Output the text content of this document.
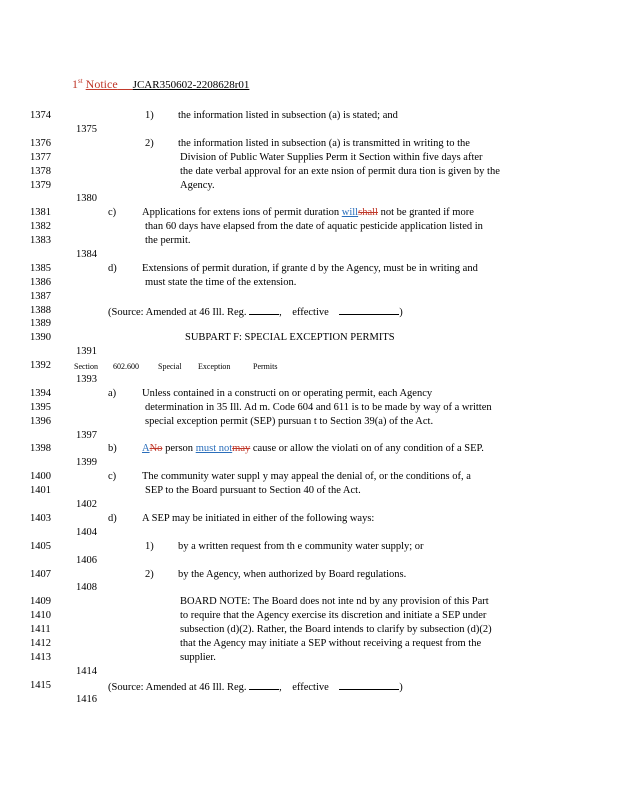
1st Notice JCAR350602-2208628r01
1374
1375
1376
1377
1378
1379
1380
1381
1382
1383
1384
1385
1386
1387
1388
1389
1390
1391
1392
1393
1394
1395
1396
1397
1398
1399
1400
1401
1402
1403
1404
1405
1406
1407
1408
1409
1410
1411
1412
1413
1414
1415
1416
1) the information listed in subsection (a) is stated; and
2) the information listed in subsection (a) is transmitted in writing to the
Division of Public Water Supplies Perm it Section within five days after
the date verbal approval for an exte nsion of permit dura tion is given by the
Agency.
c) Applications for extens ions of permit duration willshall not be granted if more
than 60 days have elapsed from the date of aquatic pesticide application listed in
the permit.
d) Extensions of permit duration, if grante d by the Agency, must be in writing and
must state the time of the extension.
(Source: Amended at 46 Ill. Reg.	,    effective	)
SUBPART F: SPECIAL EXCEPTION PERMITS
Section 602.600 Special Exception	Permits
a) Unless contained in a constructi on or operating permit, each Agency
determination in 35 Ill. Ad m. Code 604 and 611 is to be made by way of a written
special exception permit (SEP) pursuan t to Section 39(a) of the Act.
b) ANo person must notmay cause or allow the violati on of any condition of a SEP.
c) The community water suppl y may appeal the denial of, or the conditions of, a
SEP to the Board pursuant to Section 40 of the Act.
d) A SEP may be initiated in either of the following ways:
1) by a written request from th e community water supply; or
2) by the Agency, when authorized by Board regulations.
BOARD NOTE: The Board does not inte nd by any provision of this Part
to require that the Agency exercise its discretion and initiate a SEP under
subsection (d)(2). Rather, the Board intends to clarify by subsection (d)(2)
that the Agency may initiate a SEP without receiving a request from the
supplier.
(Source: Amended at 46 Ill. Reg.	,    effective	)
